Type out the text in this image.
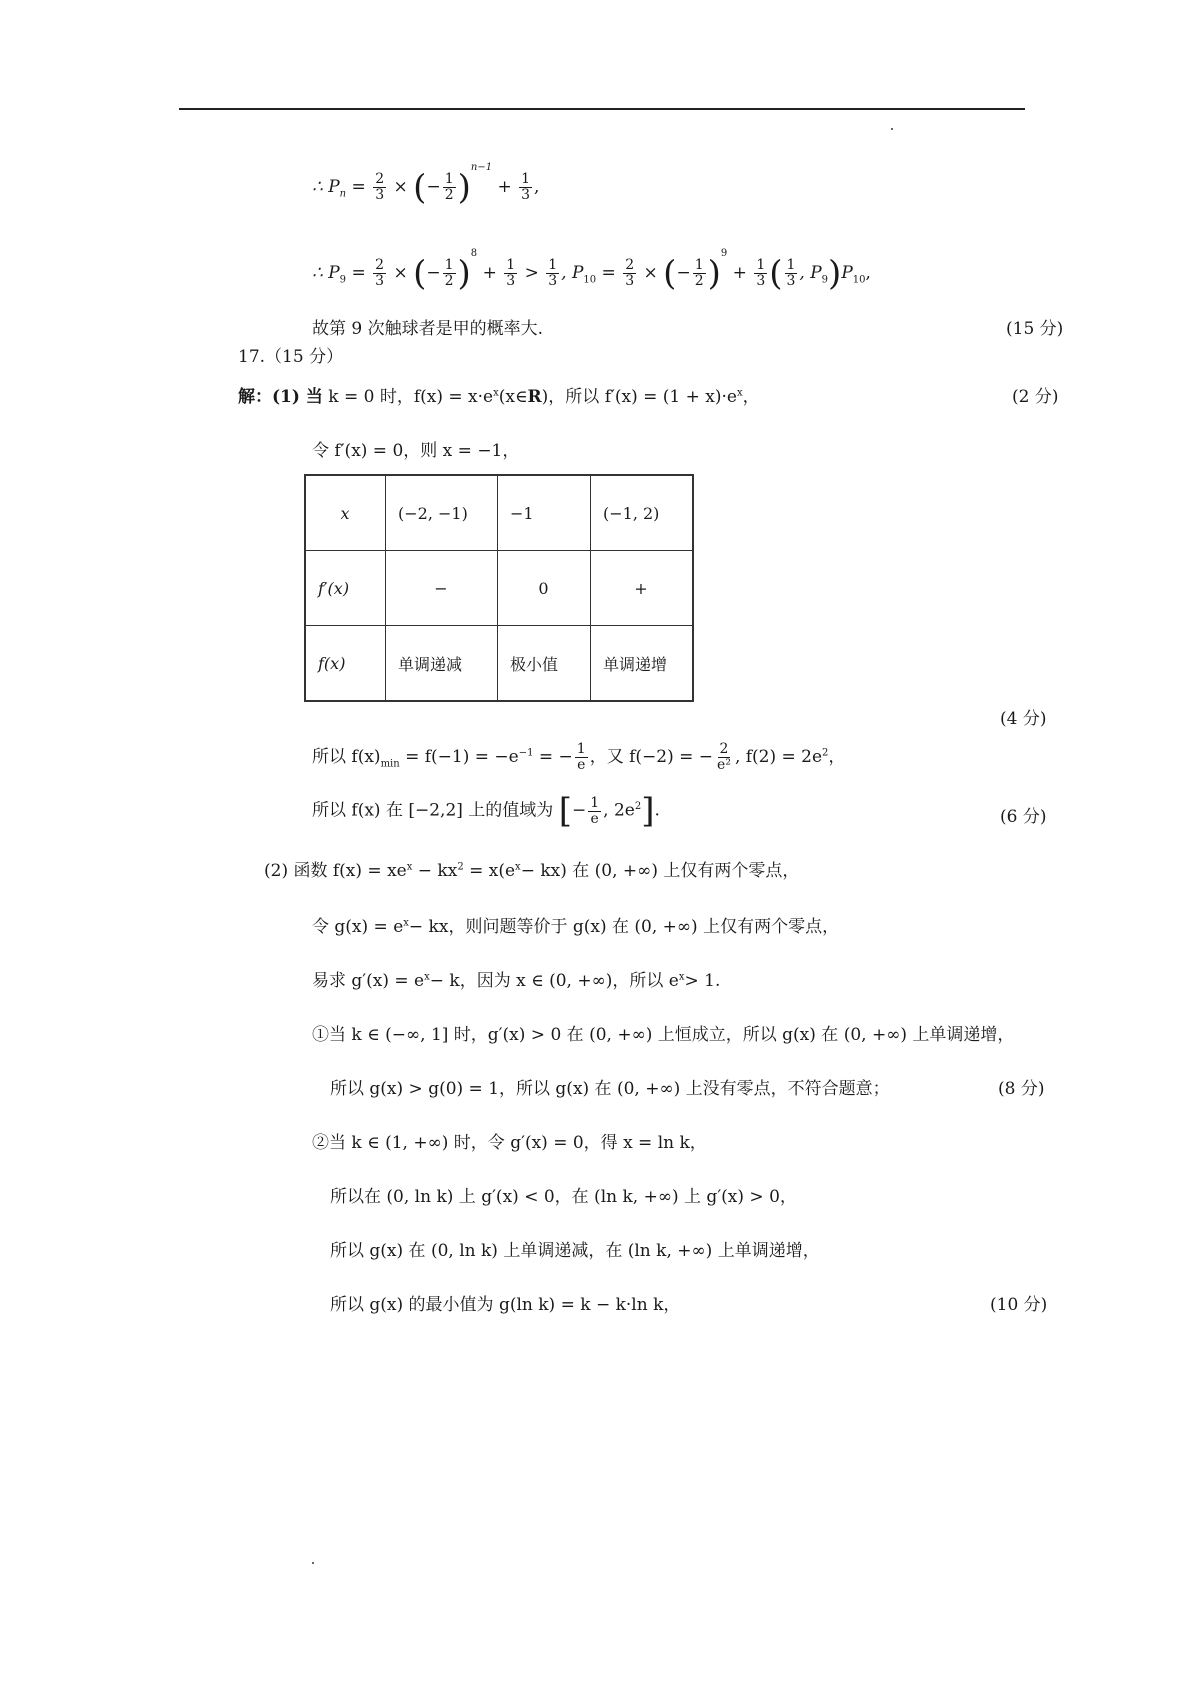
∴ $P_n = \frac{2}{3}$ × (− $\frac{1}{2} )^{n-1} + \frac{1}{3}$ ,
∴ $P_9 = \frac{2}{3}$ × (− $\frac{1}{2} )^8 + \frac{1}{3} > \frac{1}{3}$ , $P_{10} = \frac{2}{3}$ × (− $\frac{1}{2} )^9 + \frac{1}{3}$ ( $\frac{1}{3}$ , $P_9)P_{10}$,
故第 9 次触球者是甲的概率大.	(15 分)
17.（15 分）
解：(1) 当 k = 0 时，$f(x) = x\cdot e^x(x\in R)$，所以 $f'(x) = (1 + x)\cdot e^x$，	(2 分)
令 f′(x) = 0，则 x = −1，
x	(−2, −1)	−1	(−1, 2)
f′(x)	−	0	+
f(x)	单调递减	极小值	单调递增
(4 分)
所以 $f(x)_{min} = f(-1) = -e^{-1}$ = − $\frac{1}{e}$ ，又 f(−2) = − $\frac{2}{\text{e²}}$ , $f(2) = 2e^2$，
所以 f(x) 在 [−2,2] 上的值域为 [− $\frac{1}{e}$ , $2e^2$].	(6 分)
(2) 函数 $f(x) = xe^x - kx^2 = x(e^x- kx)$ 在 (0, +∞) 上仅有两个零点，
令 $g(x) = e^x-$ kx，则问题等价于 g(x) 在 (0, +∞) 上仅有两个零点，
易求 $g'(x) = e^x- k$，因为 x ∈ (0, +∞)，所以 $e^x> 1$.
①当 k ∈ (−∞, 1] 时，g′(x) > 0 在 (0, +∞) 上恒成立，所以 g(x) 在 (0, +∞) 上单调递增，
所以 g(x) > g(0) = 1，所以 g(x) 在 (0, +∞) 上没有零点，不符合题意；	(8 分)
②当 k ∈ (1, +∞) 时，令 g′(x) = 0，得 x = ln k，
所以在 (0, ln k) 上 g′(x) < 0，在 (ln k, +∞) 上 g′(x) > 0，
所以 g(x) 在 (0, ln k) 上单调递减，在 (ln k, +∞) 上单调递增，
所以 g(x) 的最小值为 g(ln k) = k − k·ln k，	(10 分)
